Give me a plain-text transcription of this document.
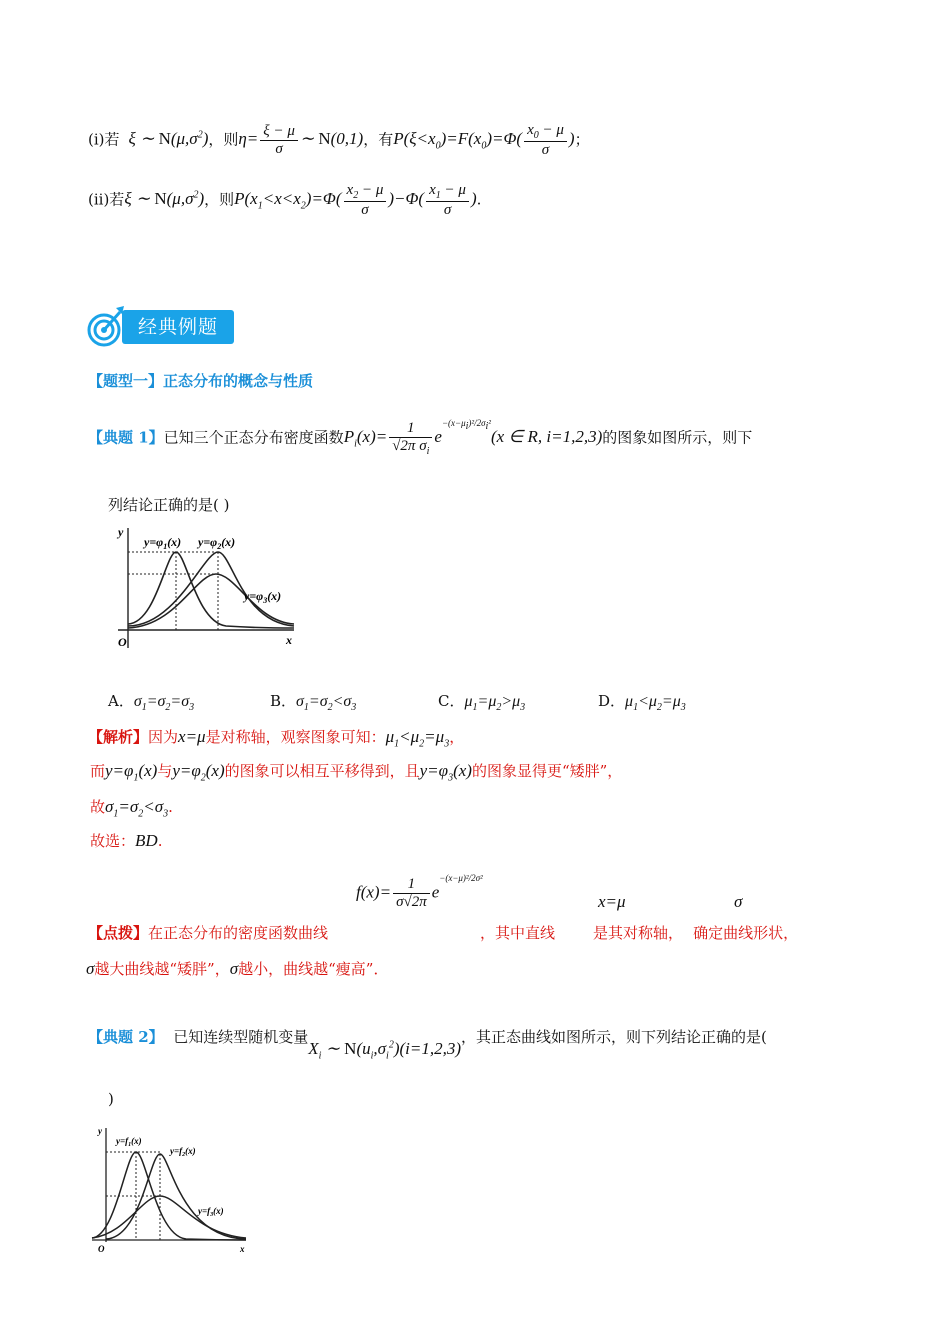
(i)若  ξ ∼ $N(\mu,\sigma^2)$，则$\eta= \frac{\xi - \mu}{\sigma}$ ∼ N(0,1)，有$P(\xi<x_0)=F(x_0)=\Phi( \frac{x_0 - \mu}{\sigma}$ )；
(ii)若ξ ∼ $N(\mu,\sigma^2)$，则$P(x_1<x<x_2)=\Phi( \frac{x_2 - \mu}{\sigma} )-\Phi( \frac{x_1 - \mu}{\sigma}$ ).
经典例题
【题型一】正态分布的概念与性质
【典题 1】已知三个正态分布密度函数$P_i(x)= \frac{1}{√2\pi \sigma_i} e^{-(x-\mu_i)^2/2\sigma_i^2}(x$ ∈ R, i=1,2,3)的图象如图所示，则下
列结论正确的是( )
$y=\varphi_1(x)$ $y=\varphi_2(x)$
$y=\varphi_3(x)$
y
x
O
A．$\sigma_1=\sigma_2=\sigma_3$	B．$\sigma_1=\sigma_2<\sigma_3$	C．$\mu_1=\mu_2>\mu_3$	D．$\mu_1<\mu_2=\mu_3$
【解析】因为x=μ是对称轴，观察图象可知：$\mu_1<\mu_2=\mu_3$，
而$y=\varphi_1(x)$与$y=\varphi_2(x)$的图象可以相互平移得到，且$y=\varphi_3(x)$的图象显得更“矮胖”，
故$\sigma_1=\sigma_2<\sigma_3$.
故选：BD.
$f(x)= \frac{1}{\sigma√2\pi} e^{-(x-\mu)^2/2\sigma^2}$
x=μ	σ
【点拨】在正态分布的密度函数曲线	，其中直线	是其对称轴， 确定曲线形状，
σ越大曲线越“矮胖”，σ越小，曲线越“瘦高”．
【典题 2】 已知连续型随机变量$X_i$ ∼ $N(u_i,\sigma_i^2)(i=1,2,3)$，其正态曲线如图所示，则下列结论正确的是(
)
$y=f_1(x)$
$y=f_2(x)$
$y=f_3(x)$
y
x
O
